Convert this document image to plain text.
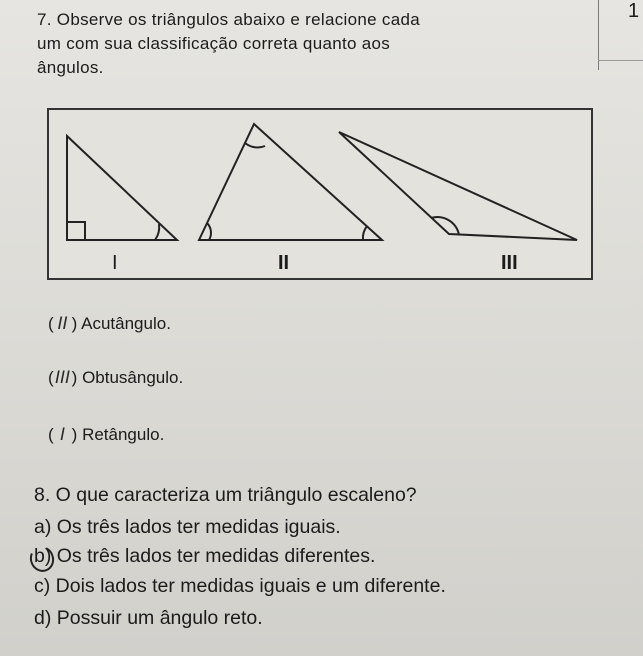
1
7. Observe os triângulos abaixo e relacione cada
um com sua classificação correta quanto aos
ângulos.
I	II	III
( II ) Acutângulo.
(III) Obtusângulo.
( I ) Retângulo.
8. O que caracteriza um triângulo escaleno?
a) Os três lados ter medidas iguais.
b) Os três lados ter medidas diferentes.
c) Dois lados ter medidas iguais e um diferente.
d) Possuir um ângulo reto.
